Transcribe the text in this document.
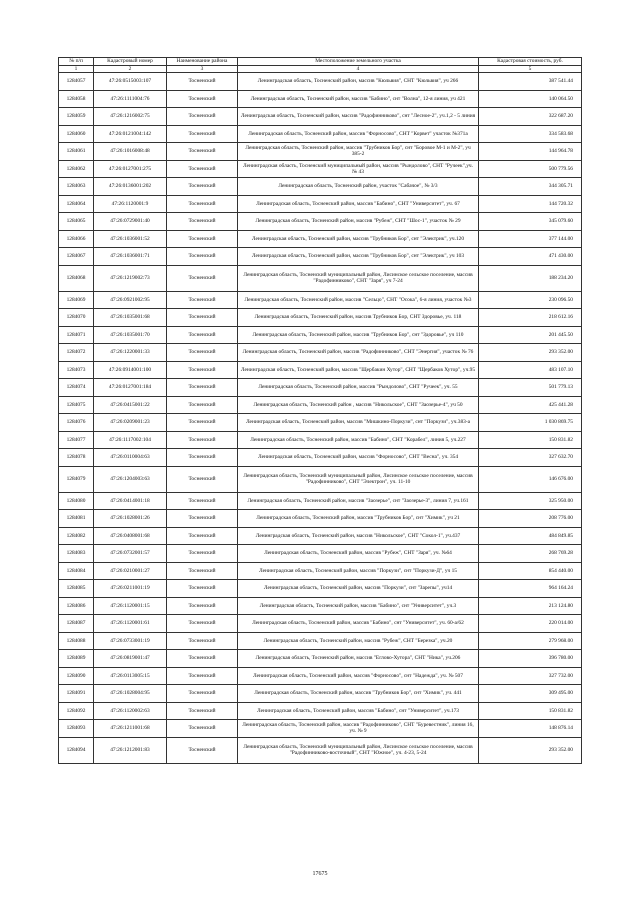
№ п/п	Кадастровый номер	Наименование района	Местоположение земельного участка	Кадастровая стоимость, руб.
1	2	3	4	5
1284057	47:26:0515003:107	Тосненский	Ленинградская область, Тосненский район, массив "Кюльвия", СНТ "Кюльвия", уч 266	387 541.44
1284058	47:26:1111004:76	Тосненский	Ленинградская область, Тосненский район, массив "Бабино", снт "Волна", 12-я линия, уч 421	140 064.50
1284059	47:26:1216002:75	Тосненский	Ленинградская область, Тосненский район, массив "Радофинниково", снт "Лесное-2", уч.1,2 - 5 линия	322 687.20
1284060	47:26:0121004:142	Тосненский	Ленинградская область, Тосненский район, массив "Форносово", СНТ "Корвет" участок №371а	334 583.68
1284061	47:26:1016008:48	Тосненский	Ленинградская область, Тосненский район, массив "Трубников Бор", снт "Боровое М-1 и М-2", уч 385-2	144 964.78
1284062	47:26:0127001:275	Тосненский	Ленинградская область, Тосненский муниципальный район, массив "Рындолово", СНТ "Ручеек",уч. № 43	500 779.56
1284063	47:26:0136001:202	Тосненский	Ленинградская область, Тосненский район, участок "Сабачое", № 3/3	344 305.71
1284064	47:26:1120001:9	Тосненский	Ленинградская область, Тосненский район, массив "Бабино", СНТ "Университет", уч. 67	144 720.32
1284065	47:26:0729001:40	Тосненский	Ленинградская область, Тосненский район, массив "Рубеж", СНТ "Шос-1", участок № 29	345 079.60
1284066	47:26:1036001:52	Тосненский	Ленинградская область, Тосненский район, массив "Трубников Бор", снт "Электрик", уч.120	377 144.00
1284067	47:26:1036001:71	Тосненский	Ленинградская область, Тосненский район, массив "Трубников Бор", снт "Электрик", уч 103	471 430.00
1284068	47:26:1219002:73	Тосненский	Ленинградская область, Тосненский муниципальный район, Лисинское сельское поселение, массив "Радофинниково", СНТ "Заря", уч 7-24	188 234.20
1284069	47:26:0921002:95	Тосненский	Ленинградская область, Тосненский район, массив "Сельцо", СНТ "Осока", 6-я линия, участок №3	230 096.50
1284070	47:26:1035001:68	Тосненский	Ленинградская область, Тосненский район, массив Трубников Бор, СНТ Здоровье, уч. 118	218 612.16
1284071	47:26:1035001:70	Тосненский	Ленинградская область, Тосненский район, массив "Трубников Бор", снт "Здоровье", уч 110	201 445.50
1284072	47:26:1220001:33	Тосненский	Ленинградская область, Тосненский район, массив "Радофинниково", СНТ "Энергия", участок № 76	293 352.00
1284073	47:26:0914001:100	Тосненский	Ленинградская область, Тосненский район, массив "Щербакин Хутор", СНТ "Щербаков Хутор", уч.95	483 107.10
1284074	47:26:0127001:184	Тосненский	Ленинградская область, Тосненский район, массив "Рындолово", СНТ "Ручеек", уч. 55	501 779.13
1284075	47:26:0415001:22	Тосненский	Ленинградская область, Тосненский район , массив "Никольское", СНТ "Заозерье-4", уч 50	425 441.28
1284076	47:26:0209001:23	Тосненский	Ленинградская область, Тосненский район, массив "Мишкино-Поркузи", снт "Поркузи", уч.383-а	1 030 869.75
1284077	47:26:1117002:104	Тосненский	Ленинградская область, Тосненский район, массив "Бабино", СНТ "Корабел", линия 5, уч.227	150 831.82
1284078	47:26:0110004:63	Тосненский	Ленинградская область, Тосненский район, массив "Форносово", СНТ "Весна", уч. 354	327 632.70
1284079	47:26:1204003:63	Тосненский	Ленинградская область, Тосненский муниципальный район, Лисинское сельское поселение, массив "Радофинниково", СНТ "Электрон", уч. 11-10	146 676.00
1284080	47:26:0414001:18	Тосненский	Ленинградская область, Тосненский район, массив "Заозерье", снт "Заозерье-3", линия 7, уч.161	325 950.00
1284081	47:26:1028001:26	Тосненский	Ленинградская область, Тосненский район, массив "Трубников Бор", снт "Химик", уч 21	208 776.00
1284082	47:26:0408001:68	Тосненский	Ленинградская область, Тосненский район, массив "Никольское", СНТ "Сокол-1", уч.437	484 849.85
1284083	47:26:0732001:57	Тосненский	Ленинградская область, Тосненский район, массив "Рубеж", СНТ "Заря", уч. №64	268 769.28
1284084	47:26:0210001:27	Тосненский	Ленинградская область, Тосненский район, массив "Поркузи", снт "Поркузи-Д", уч 15	854 440.00
1284085	47:26:0211001:19	Тосненский	Ленинградская область, Тосненский район, массив "Поркузи", снт "Зарепы", уч14	964 164.24
1284086	47:26:1120001:15	Тосненский	Ленинградская область, Тосненский район, массив "Бабино", снт "Университет", уч.3	213 124.80
1284087	47:26:1120001:61	Тосненский	Ленинградская область, Тосненский район, массив "Бабино", снт "Университет", уч. 60-а/62	220 014.00
1284088	47:26:0733001:19	Тосненский	Ленинградская область, Тосненский район, массив "Рубеж", СНТ "Березка", уч.20	279 968.00
1284089	47:26:0819001:47	Тосненский	Ленинградская область, Тосненский район, массив "Еглово-Хутора", СНТ "Ника", уч.206	396 780.00
1284090	47:26:0113005:15	Тосненский	Ленинградская область, Тосненский район, массив "Форносово", снт "Надежда", уч. № 507	327 732.00
1284091	47:26:1028004:95	Тосненский	Ленинградская область, Тосненский район, массив "Трубников Бор", снт "Химик", уч. 441	309 495.00
1284092	47:26:1120002:63	Тосненский	Ленинградская область, Тосненский район, массив "Бабино", снт "Университет", уч.173	150 831.82
1284093	47:26:1211001:68	Тосненский	Ленинградская область, Тосненский район, массив "Радофинниково", СНТ "Буревестник", линия 16, уч. № 9	148 876.14
1284094	47:26:1212001:83	Тосненский	Ленинградская область, Тосненский муниципальный район, Лисинское сельское поселение, массив "Радофинниково-восточный", СНТ "Южное", уч. 4-23, 5-24	293 352.00
17675
